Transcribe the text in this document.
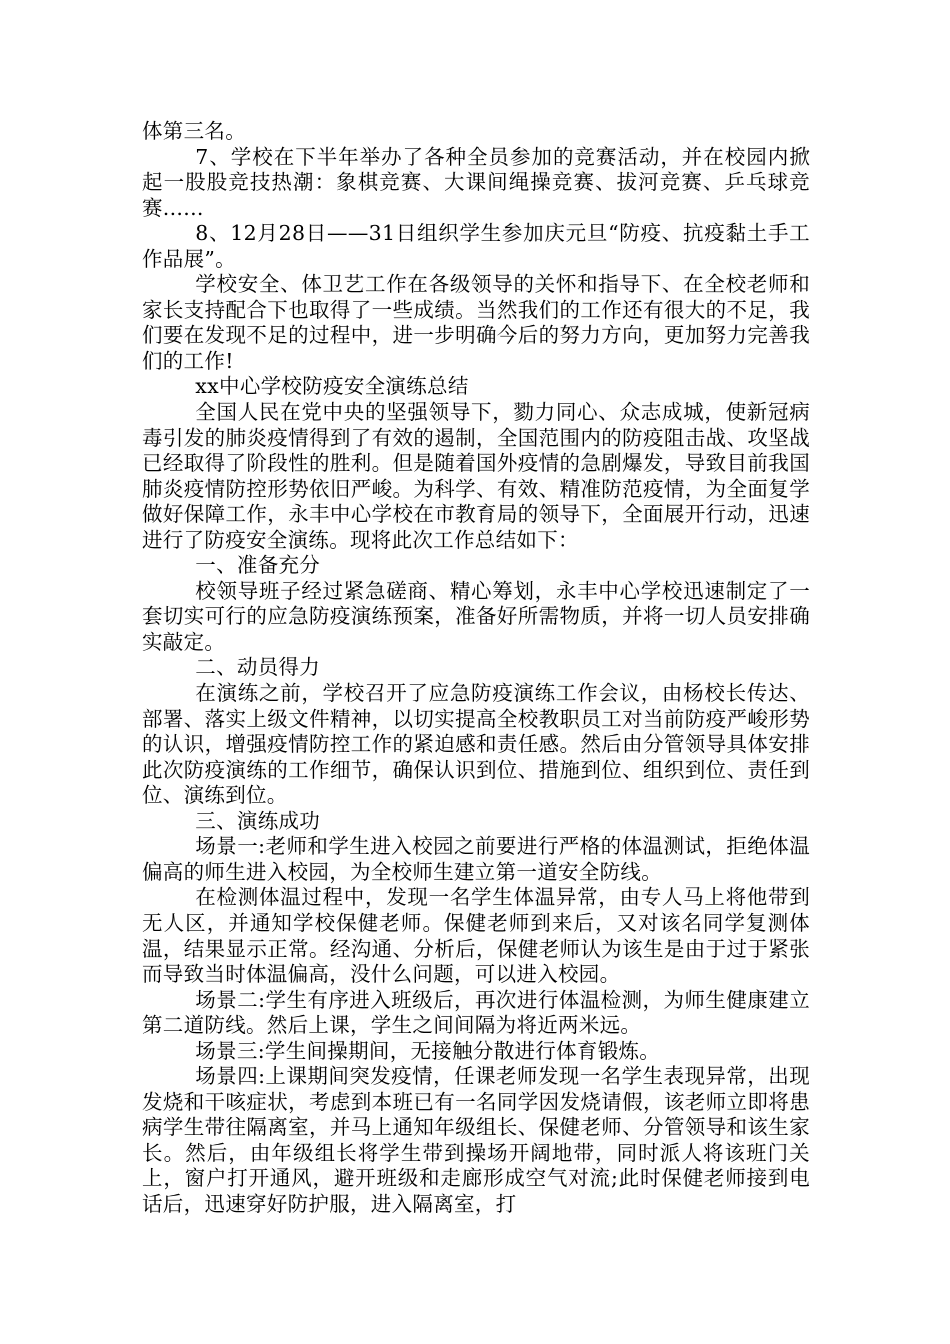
体第三名。

7、学校在下半年举办了各种全员参加的竞赛活动，并在校园内掀起一股股竞技热潮：象棋竞赛、大课间绳操竞赛、拔河竞赛、乒乓球竞赛......

8、12月28日——31日组织学生参加庆元旦“防疫、抗疫黏土手工作品展”。

学校安全、体卫艺工作在各级领导的关怀和指导下、在全校老师和家长支持配合下也取得了一些成绩。当然我们的工作还有很大的不足，我们要在发现不足的过程中，进一步明确今后的努力方向，更加努力完善我们的工作!

xx中心学校防疫安全演练总结

全国人民在党中央的坚强领导下，勠力同心、众志成城，使新冠病毒引发的肺炎疫情得到了有效的遏制，全国范围内的防疫阻击战、攻坚战已经取得了阶段性的胜利。但是随着国外疫情的急剧爆发，导致目前我国肺炎疫情防控形势依旧严峻。为科学、有效、精准防范疫情，为全面复学做好保障工作，永丰中心学校在市教育局的领导下，全面展开行动，迅速进行了防疫安全演练。现将此次工作总结如下：

一、准备充分

校领导班子经过紧急磋商、精心筹划，永丰中心学校迅速制定了一套切实可行的应急防疫演练预案，准备好所需物质，并将一切人员安排确实敲定。

二、动员得力

在演练之前，学校召开了应急防疫演练工作会议，由杨校长传达、部署、落实上级文件精神，以切实提高全校教职员工对当前防疫严峻形势的认识，增强疫情防控工作的紧迫感和责任感。然后由分管领导具体安排此次防疫演练的工作细节，确保认识到位、措施到位、组织到位、责任到位、演练到位。

三、演练成功

场景一:老师和学生进入校园之前要进行严格的体温测试，拒绝体温偏高的师生进入校园，为全校师生建立第一道安全防线。

在检测体温过程中，发现一名学生体温异常，由专人马上将他带到无人区，并通知学校保健老师。保健老师到来后，又对该名同学复测体温，结果显示正常。经沟通、分析后，保健老师认为该生是由于过于紧张而导致当时体温偏高，没什么问题，可以进入校园。

场景二:学生有序进入班级后，再次进行体温检测，为师生健康建立第二道防线。然后上课，学生之间间隔为将近两米远。

场景三:学生间操期间，无接触分散进行体育锻炼。

场景四:上课期间突发疫情，任课老师发现一名学生表现异常，出现发烧和干咳症状，考虑到本班已有一名同学因发烧请假，该老师立即将患病学生带往隔离室，并马上通知年级组长、保健老师、分管领导和该生家长。然后，由年级组长将学生带到操场开阔地带，同时派人将该班门关上，窗户打开通风，避开班级和走廊形成空气对流;此时保健老师接到电话后，迅速穿好防护服，进入隔离室，打
